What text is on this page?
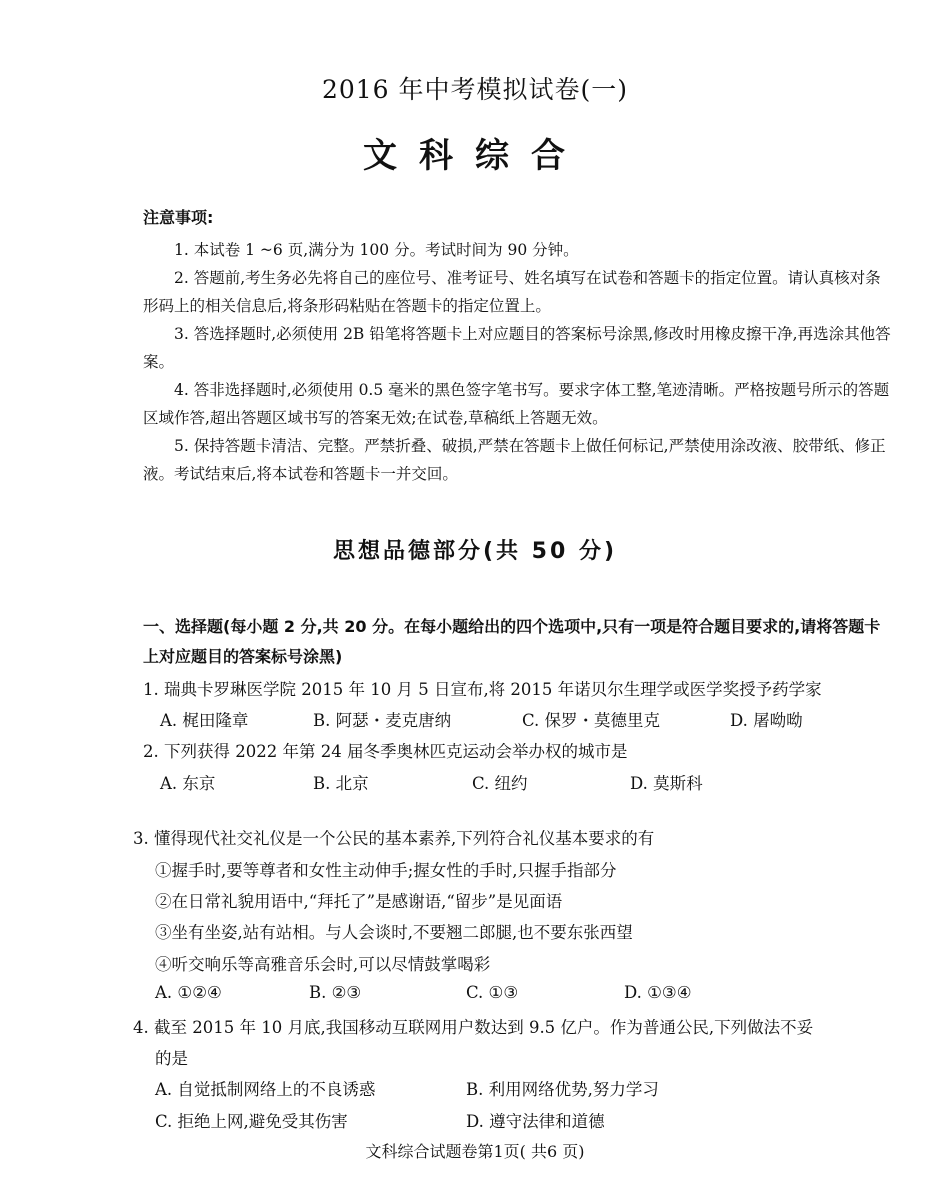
2016 年中考模拟试卷(一)
文科综合
注意事项:

1. 本试卷 1 ~6 页,满分为 100 分。考试时间为 90 分钟。

2. 答题前,考生务必先将自己的座位号、准考证号、姓名填写在试卷和答题卡的指定位置。请认真核对条形码上的相关信息后,将条形码粘贴在答题卡的指定位置上。

3. 答选择题时,必须使用 2B 铅笔将答题卡上对应题目的答案标号涂黑,修改时用橡皮擦干净,再选涂其他答案。

4. 答非选择题时,必须使用 0.5 毫米的黑色签字笔书写。要求字体工整,笔迹清晰。严格按题号所示的答题区域作答,超出答题区域书写的答案无效;在试卷,草稿纸上答题无效。

5. 保持答题卡清洁、完整。严禁折叠、破损,严禁在答题卡上做任何标记,严禁使用涂改液、胶带纸、修正液。考试结束后,将本试卷和答题卡一并交回。

思想品德部分(共 50 分)
一、选择题(每小题 2 分,共 20 分。在每小题给出的四个选项中,只有一项是符合题目要求的,请将答题卡上对应题目的答案标号涂黑)
1. 瑞典卡罗琳医学院 2015 年 10 月 5 日宣布,将 2015 年诺贝尔生理学或医学奖授予药学家
A. 梶田隆章	B. 阿瑟・麦克唐纳	C. 保罗・莫德里克	D. 屠呦呦
2. 下列获得 2022 年第 24 届冬季奥林匹克运动会举办权的城市是
A. 东京	B. 北京	C. 纽约	D. 莫斯科
3. 懂得现代社交礼仪是一个公民的基本素养,下列符合礼仪基本要求的有
①握手时,要等尊者和女性主动伸手;握女性的手时,只握手指部分
②在日常礼貌用语中,“拜托了”是感谢语,“留步”是见面语
③坐有坐姿,站有站相。与人会谈时,不要翘二郎腿,也不要东张西望
④听交响乐等高雅音乐会时,可以尽情鼓掌喝彩
A. ①②④	B. ②③	C. ①③	D. ①③④
4. 截至 2015 年 10 月底,我国移动互联网用户数达到 9.5 亿户。作为普通公民,下列做法不妥
的是
A. 自觉抵制网络上的不良诱惑	B. 利用网络优势,努力学习
C. 拒绝上网,避免受其伤害	D. 遵守法律和道德
文科综合试题卷第1页( 共6 页)
